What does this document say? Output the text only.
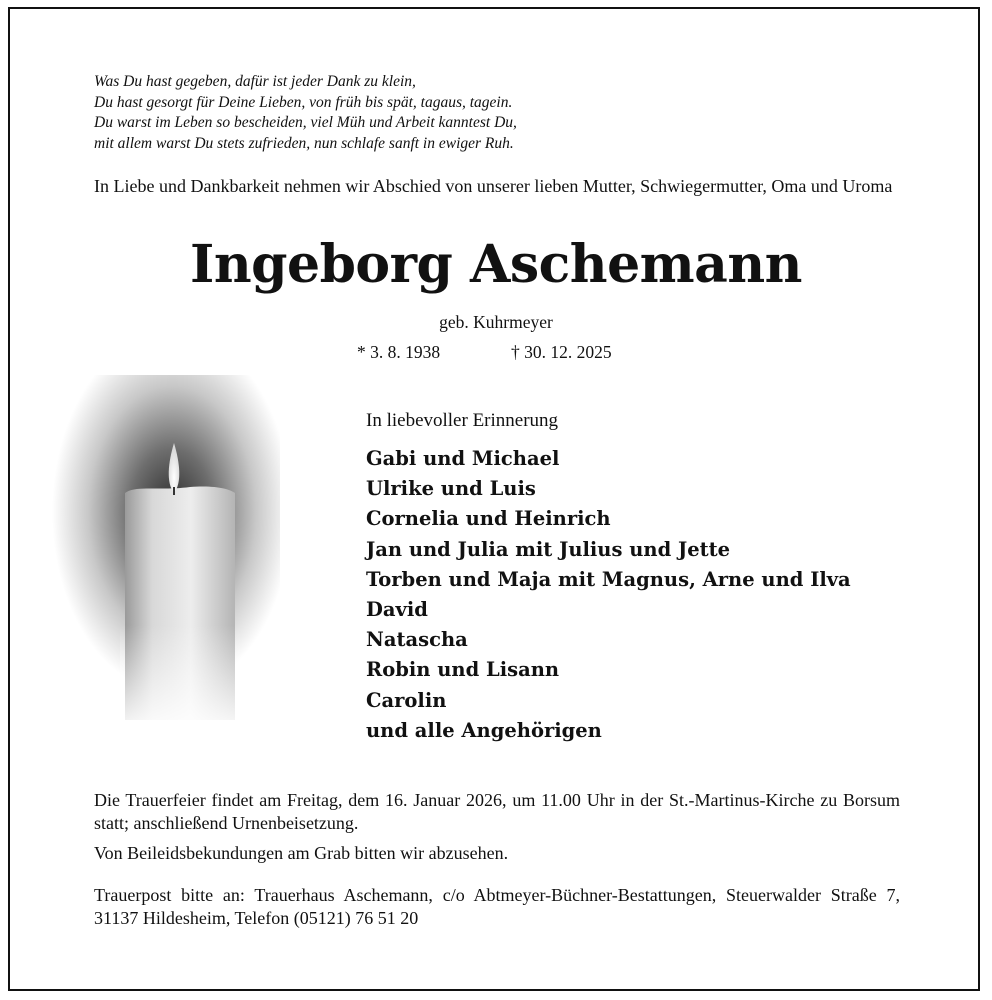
Was Du hast gegeben, dafür ist jeder Dank zu klein,
Du hast gesorgt für Deine Lieben, von früh bis spät, tagaus, tagein.
Du warst im Leben so bescheiden, viel Müh und Arbeit kanntest Du,
mit allem warst Du stets zufrieden, nun schlafe sanft in ewiger Ruh.
In Liebe und Dankbarkeit nehmen wir Abschied von unserer lieben Mutter, Schwiegermutter, Oma und Uroma
Ingeborg Aschemann
geb. Kuhrmeyer
* 3. 8. 1938	† 30. 12. 2025
In liebevoller Erinnerung
Gabi und Michael
Ulrike und Luis
Cornelia und Heinrich
Jan und Julia mit Julius und Jette
Torben und Maja mit Magnus, Arne und Ilva
David
Natascha
Robin und Lisann
Carolin
und alle Angehörigen
Die Trauerfeier findet am Freitag, dem 16. Januar 2026, um 11.00 Uhr in der St.-Martinus-Kirche zu Borsum statt; anschließend Urnenbeisetzung.
Von Beileidsbekundungen am Grab bitten wir abzusehen.
Trauerpost bitte an: Trauerhaus Aschemann, c/o Abtmeyer-Büchner-Bestattungen, Steuerwalder Straße 7, 31137 Hildesheim, Telefon (05121) 76 51 20
